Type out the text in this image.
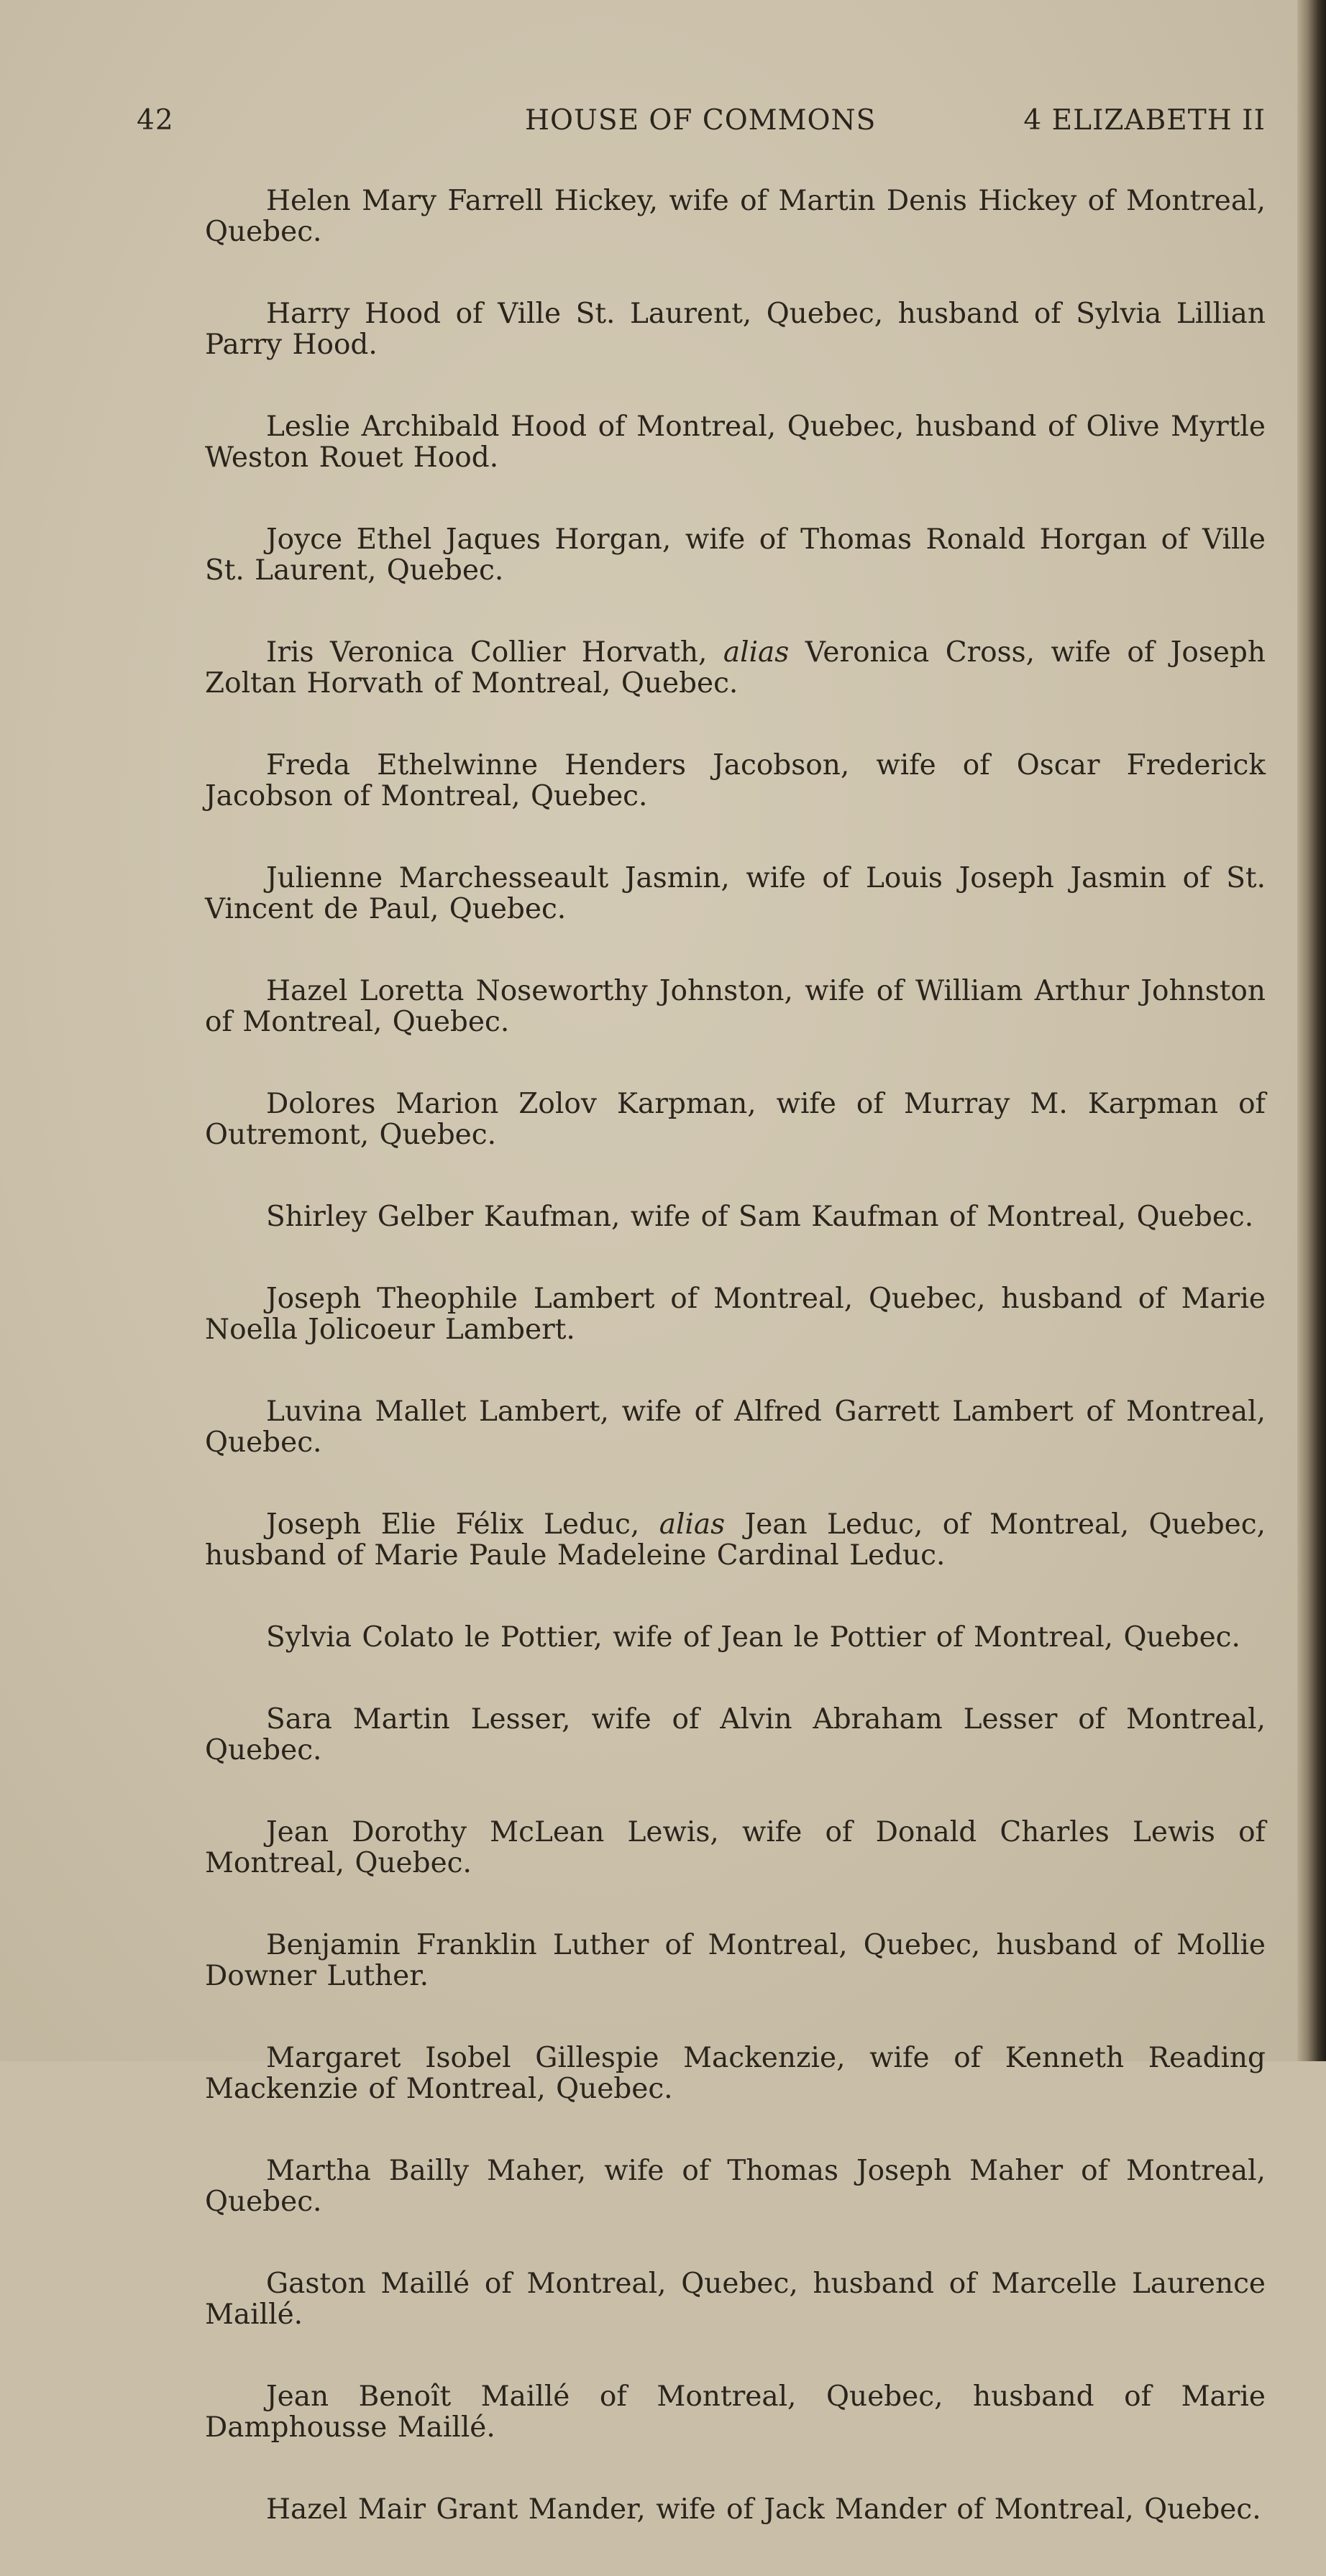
42	HOUSE OF COMMONS	4 ELIZABETH II

Helen Mary Farrell Hickey, wife of Martin Denis Hickey of Montreal, Quebec.

Harry Hood of Ville St. Laurent, Quebec, husband of Sylvia Lillian Parry Hood.

Leslie Archibald Hood of Montreal, Quebec, husband of Olive Myrtle Weston Rouet Hood.

Joyce Ethel Jaques Horgan, wife of Thomas Ronald Horgan of Ville St. Laurent, Quebec.

Iris Veronica Collier Horvath, alias Veronica Cross, wife of Joseph Zoltan Horvath of Montreal, Quebec.

Freda Ethelwinne Henders Jacobson, wife of Oscar Frederick Jacobson of Montreal, Quebec.

Julienne Marchesseault Jasmin, wife of Louis Joseph Jasmin of St. Vincent de Paul, Quebec.

Hazel Loretta Noseworthy Johnston, wife of William Arthur Johnston of Montreal, Quebec.

Dolores Marion Zolov Karpman, wife of Murray M. Karpman of Outremont, Quebec.

Shirley Gelber Kaufman, wife of Sam Kaufman of Montreal, Quebec.

Joseph Theophile Lambert of Montreal, Quebec, husband of Marie Noella Jolicoeur Lambert.

Luvina Mallet Lambert, wife of Alfred Garrett Lambert of Montreal, Quebec.

Joseph Elie Félix Leduc, alias Jean Leduc, of Montreal, Quebec, husband of Marie Paule Madeleine Cardinal Leduc.

Sylvia Colato le Pottier, wife of Jean le Pottier of Montreal, Quebec.

Sara Martin Lesser, wife of Alvin Abraham Lesser of Montreal, Quebec.

Jean Dorothy McLean Lewis, wife of Donald Charles Lewis of Montreal, Quebec.

Benjamin Franklin Luther of Montreal, Quebec, husband of Mollie Downer Luther.

Margaret Isobel Gillespie Mackenzie, wife of Kenneth Reading Mackenzie of Montreal, Quebec.

Martha Bailly Maher, wife of Thomas Joseph Maher of Montreal, Quebec.

Gaston Maillé of Montreal, Quebec, husband of Marcelle Laurence Maillé.

Jean Benoît Maillé of Montreal, Quebec, husband of Marie Damphousse Maillé.

Hazel Mair Grant Mander, wife of Jack Mander of Montreal, Quebec.
